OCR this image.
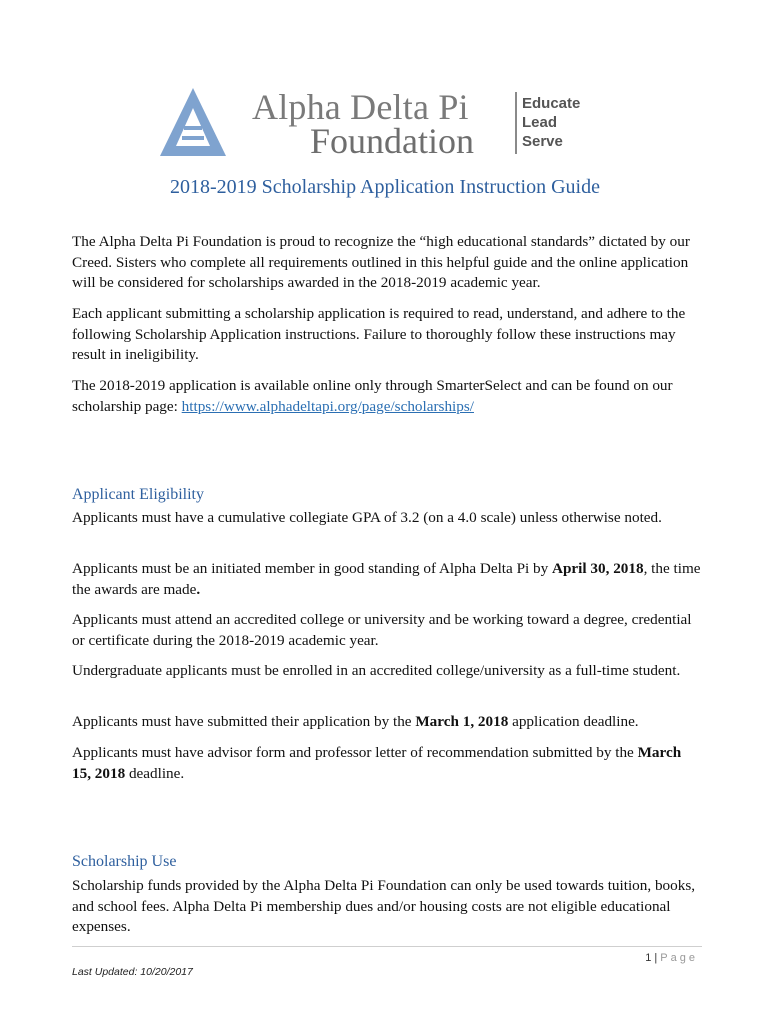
Alpha Delta Pi
Foundation
Educate
Lead
Serve
2018-2019 Scholarship Application Instruction Guide

The Alpha Delta Pi Foundation is proud to recognize the “high educational standards” dictated by our Creed. Sisters who complete all requirements outlined in this helpful guide and the online application will be considered for scholarships awarded in the 2018-2019 academic year.

Each applicant submitting a scholarship application is required to read, understand, and adhere to the following Scholarship Application instructions. Failure to thoroughly follow these instructions may result in ineligibility.

The 2018-2019 application is available online only through SmarterSelect and can be found on our scholarship page: https://www.alphadeltapi.org/page/scholarships/

Applicant Eligibility

Applicants must have a cumulative collegiate GPA of 3.2 (on a 4.0 scale) unless otherwise noted.

Applicants must be an initiated member in good standing of Alpha Delta Pi by April 30, 2018, the time the awards are made.

Applicants must attend an accredited college or university and be working toward a degree, credential or certificate during the 2018-2019 academic year.

Undergraduate applicants must be enrolled in an accredited college/university as a full-time student.

Applicants must have submitted their application by the March 1, 2018 application deadline.

Applicants must have advisor form and professor letter of recommendation submitted by the March 15, 2018 deadline.

Scholarship Use

Scholarship funds provided by the Alpha Delta Pi Foundation can only be used towards tuition, books, and school fees. Alpha Delta Pi membership dues and/or housing costs are not eligible educational expenses.

1 | Page
Last Updated: 10/20/2017
